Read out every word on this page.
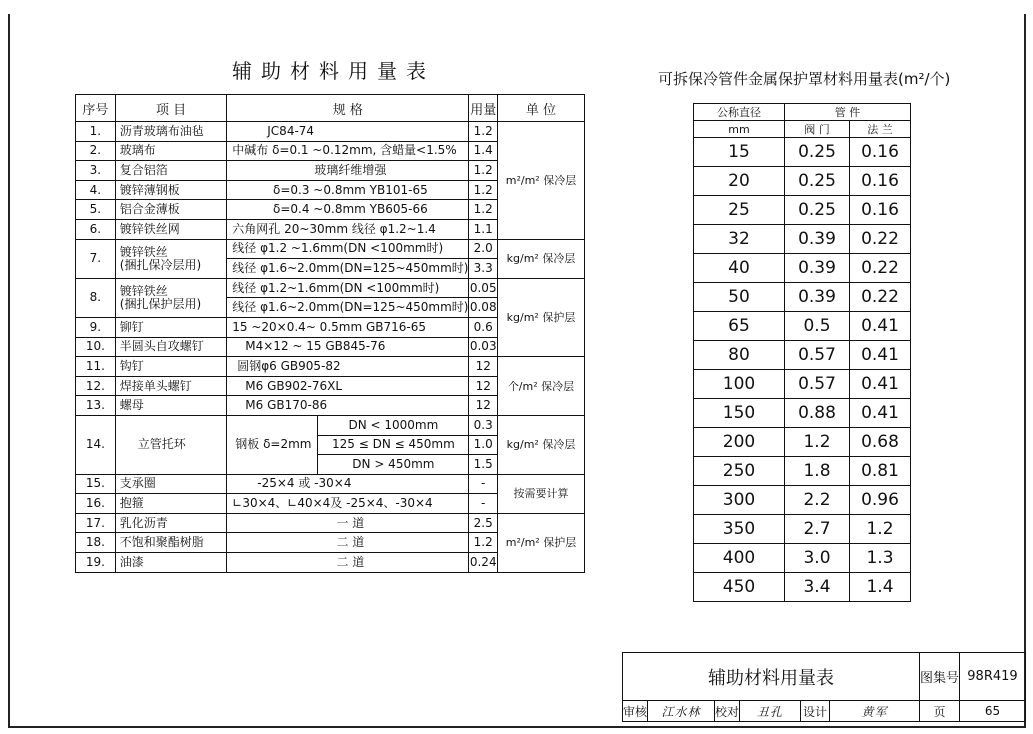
辅助材料用量表	可拆保冷管件金属保护罩材料用量表(m²/个)
序号	项 目	规 格		用量	单 位
1.	沥青玻璃布油毡	JC84-74		1.2	m²/m² 保冷层
2.	玻璃布	中碱布 δ=0.1 ~0.12mm, 含蜡量<1.5%		1.4	
3.	复合铝箔	玻璃纤维增强		1.2	
4.	镀锌薄钢板	δ=0.3 ~0.8mm YB101-65		1.2	
5.	铝合金薄板	δ=0.4 ~0.8mm YB605-66		1.2	
6.	镀锌铁丝网	六角网孔 20~30mm 线径 φ1.2~1.4		1.1	
7.	镀锌铁丝
(捆扎保冷层用)	线径 φ1.2 ~1.6mm(DN <100mm时)		2.0	kg/m² 保冷层
		线径 φ1.6~2.0mm(DN=125~450mm时)		3.3	
8.	镀锌铁丝
(捆扎保护层用)	线径 φ1.2~1.6mm(DN <100mm时)		0.05	kg/m² 保护层
		线径 φ1.6~2.0mm(DN=125~450mm时)		0.08	
9.	铆钉	15 ~20×0.4~ 0.5mm GB716-65		0.6	
10.	半圆头自攻螺钉	M4×12 ~ 15 GB845-76		0.03	
11.	钩钉	圆钢φ6 GB905-82		12	个/m² 保冷层
12.	焊接单头螺钉	M6 GB902-76XL		12	
13.	螺母	M6 GB170-86		12	
14.	立管托环	钢板 δ=2mm	DN < 1000mm	0.3	kg/m² 保冷层
			125 ≤ DN ≤ 450mm	1.0	
			DN > 450mm	1.5	
15.	支承圈	-25×4 或 -30×4		-	按需要计算
16.	抱箍	∟30×4、∟40×4及 -25×4、-30×4		-	
17.	乳化沥青	一 道		2.5	m²/m² 保护层
18.	不饱和聚酯树脂	二 道		1.2	
19.	油漆	二 道		0.24	
公称直径	管 件	
mm	阀 门	法 兰
15	0.25	0.16
20	0.25	0.16
25	0.25	0.16
32	0.39	0.22
40	0.39	0.22
50	0.39	0.22
65	0.5	0.41
80	0.57	0.41
100	0.57	0.41
150	0.88	0.41
200	1.2	0.68
250	1.8	0.81
300	2.2	0.96
350	2.7	1.2
400	3.0	1.3
450	3.4	1.4
辅助材料用量表						图集号	98R419
审核	江水林	校对	丑孔	设计	黄军	页	65
